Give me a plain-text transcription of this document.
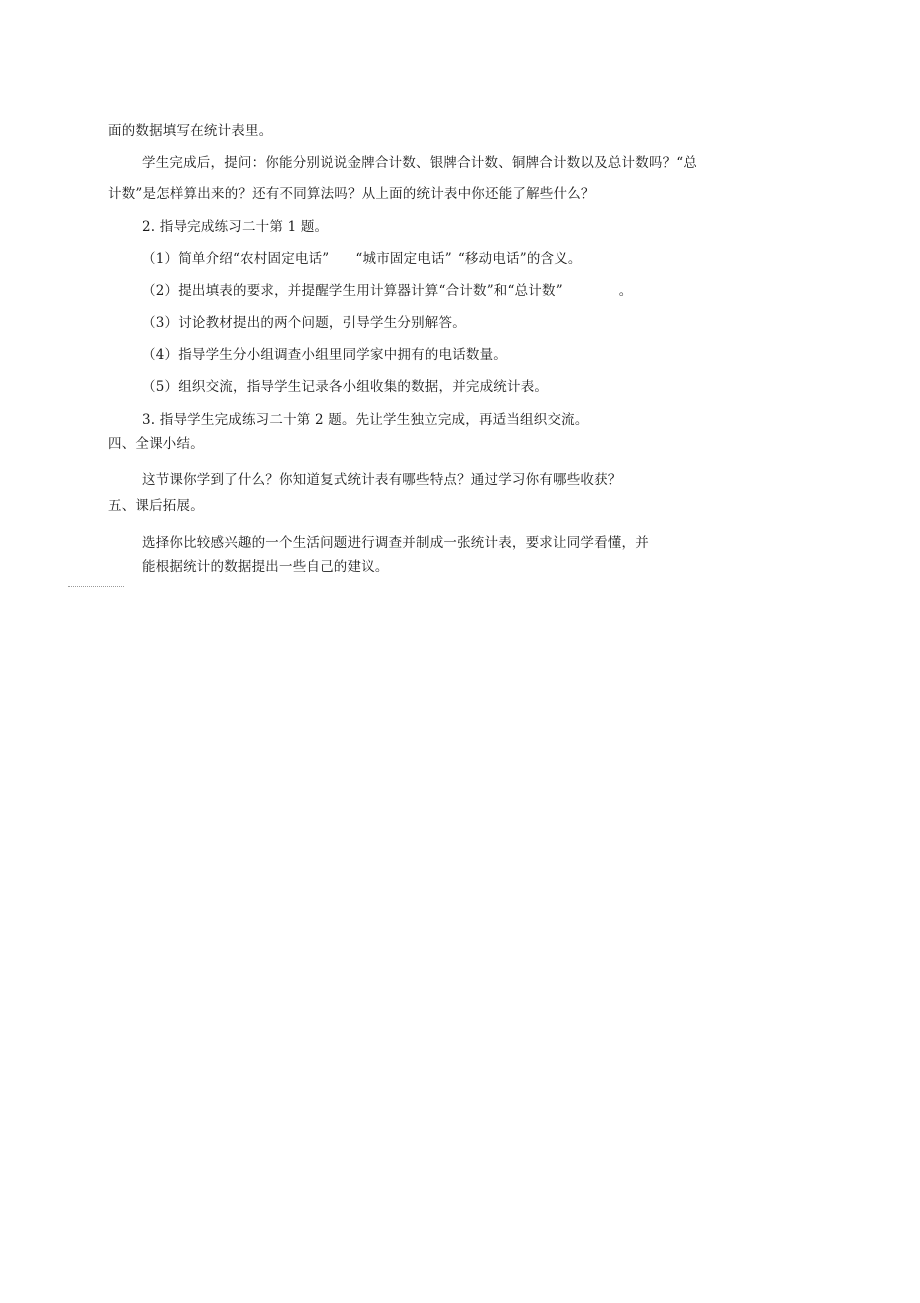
面的数据填写在统计表里。
学生完成后，提问：你能分别说说金牌合计数、银牌合计数、铜牌合计数以及总计数吗？“总
计数”是怎样算出来的？还有不同算法吗？从上面的统计表中你还能了解些什么？
2. 指导完成练习二十第 1 题。
（1）简单介绍“农村固定电话” “城市固定电话” “移动电话”的含义。
（2）提出填表的要求，并提醒学生用计算器计算“合计数”和“总计数”	。
（3）讨论教材提出的两个问题，引导学生分别解答。
（4）指导学生分小组调查小组里同学家中拥有的电话数量。
（5）组织交流，指导学生记录各小组收集的数据，并完成统计表。
3. 指导学生完成练习二十第 2 题。先让学生独立完成，再适当组织交流。
四、全课小结。
这节课你学到了什么？你知道复式统计表有哪些特点？通过学习你有哪些收获？
五、课后拓展。
选择你比较感兴趣的一个生活问题进行调查并制成一张统计表，要求让同学看懂，并
能根据统计的数据提出一些自己的建议。
